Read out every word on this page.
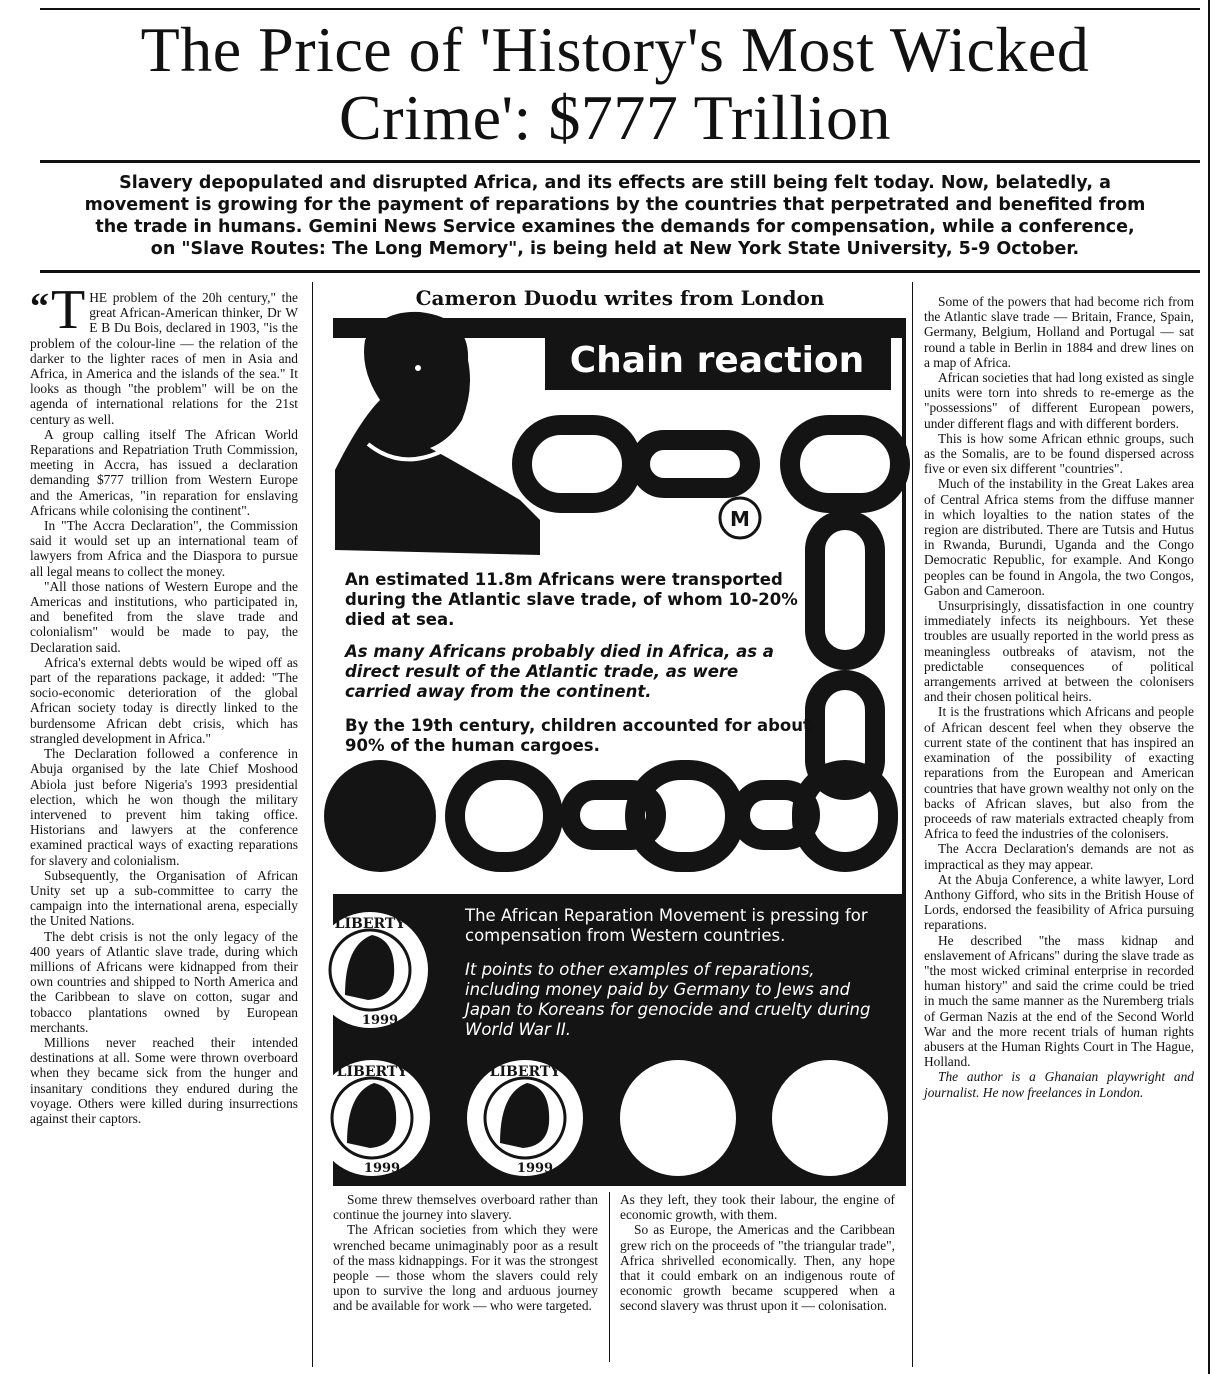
The Price of 'History's Most Wicked
Crime': $777 Trillion
Slavery depopulated and disrupted Africa, and its effects are still being felt today. Now, belatedly, a
movement is growing for the payment of reparations by the countries that perpetrated and benefited from
the trade in humans. Gemini News Service examines the demands for compensation, while a conference,
on "Slave Routes: The Long Memory", is being held at New York State University, 5-9 October.

“ T HE problem of the 20h century," the great African-American thinker, Dr W E B Du Bois, declared in 1903, "is the problem of the colour-line — the relation of the darker to the lighter races of men in Asia and Africa, in America and the islands of the sea." It looks as though "the problem" will be on the agenda of international relations for the 21st century as well.

A group calling itself The African World Reparations and Repatriation Truth Commission, meeting in Accra, has issued a declaration demanding $777 trillion from Western Europe and the Americas, "in reparation for enslaving Africans while colonising the continent".

In "The Accra Declaration", the Commission said it would set up an international team of lawyers from Africa and the Diaspora to pursue all legal means to collect the money.

"All those nations of Western Europe and the Americas and institutions, who participated in, and benefited from the slave trade and colonialism" would be made to pay, the Declaration said.

Africa's external debts would be wiped off as part of the reparations package, it added: "The socio-economic deterioration of the global African society today is directly linked to the burdensome African debt crisis, which has strangled development in Africa."

The Declaration followed a conference in Abuja organised by the late Chief Moshood Abiola just before Nigeria's 1993 presidential election, which he won though the military intervened to prevent him taking office. Historians and lawyers at the conference examined practical ways of exacting reparations for slavery and colonialism.

Subsequently, the Organisation of African Unity set up a sub-committee to carry the campaign into the international arena, especially the United Nations.

The debt crisis is not the only legacy of the 400 years of Atlantic slave trade, during which millions of Africans were kidnapped from their own countries and shipped to North America and the Caribbean to slave on cotton, sugar and tobacco plantations owned by European merchants.

Millions never reached their intended destinations at all. Some were thrown overboard when they became sick from the hunger and insanitary conditions they endured during the voyage. Others were killed during insurrections against their captors.

Cameron Duodu writes from London
Chain reaction
M
LIBERTY
1999
LIBERTY
1999
LIBERTY
1999
An estimated 11.8m Africans were transported during the Atlantic slave trade, of whom 10-20% died at sea.
As many Africans probably died in Africa, as a direct result of the Atlantic trade, as were carried away from the continent.
By the 19th century, children accounted for about 90% of the human cargoes.
The African Reparation Movement is pressing for compensation from Western countries.
It points to other examples of reparations, including money paid by Germany to Jews and Japan to Koreans for genocide and cruelty during World War II.

Some threw themselves overboard rather than continue the journey into slavery.

The African societies from which they were wrenched became unimaginably poor as a result of the mass kidnappings. For it was the strongest people — those whom the slavers could rely upon to survive the long and arduous journey and be available for work — who were targeted.

As they left, they took their labour, the engine of economic growth, with them.

So as Europe, the Americas and the Caribbean grew rich on the proceeds of "the triangular trade", Africa shrivelled economically. Then, any hope that it could embark on an indigenous route of economic growth became scuppered when a second slavery was thrust upon it — colonisation.

Some of the powers that had become rich from the Atlantic slave trade — Britain, France, Spain, Germany, Belgium, Holland and Portugal — sat round a table in Berlin in 1884 and drew lines on a map of Africa.

African societies that had long existed as single units were torn into shreds to re-emerge as the "possessions" of different European powers, under different flags and with different borders.

This is how some African ethnic groups, such as the Somalis, are to be found dispersed across five or even six different "countries".

Much of the instability in the Great Lakes area of Central Africa stems from the diffuse manner in which loyalties to the nation states of the region are distributed. There are Tutsis and Hutus in Rwanda, Burundi, Uganda and the Congo Democratic Republic, for example. And Kongo peoples can be found in Angola, the two Congos, Gabon and Cameroon.

Unsurprisingly, dissatisfaction in one country immediately infects its neighbours. Yet these troubles are usually reported in the world press as meaningless outbreaks of atavism, not the predictable consequences of political arrangements arrived at between the colonisers and their chosen political heirs.

It is the frustrations which Africans and people of African descent feel when they observe the current state of the continent that has inspired an examination of the possibility of exacting reparations from the European and American countries that have grown wealthy not only on the backs of African slaves, but also from the proceeds of raw materials extracted cheaply from Africa to feed the industries of the colonisers.

The Accra Declaration's demands are not as impractical as they may appear.

At the Abuja Conference, a white lawyer, Lord Anthony Gifford, who sits in the British House of Lords, endorsed the feasibility of Africa pursuing reparations.

He described "the mass kidnap and enslavement of Africans" during the slave trade as "the most wicked criminal enterprise in recorded human history" and said the crime could be tried in much the same manner as the Nuremberg trials of German Nazis at the end of the Second World War and the more recent trials of human rights abusers at the Human Rights Court in The Hague, Holland.

The author is a Ghanaian playwright and journalist. He now freelances in London.
